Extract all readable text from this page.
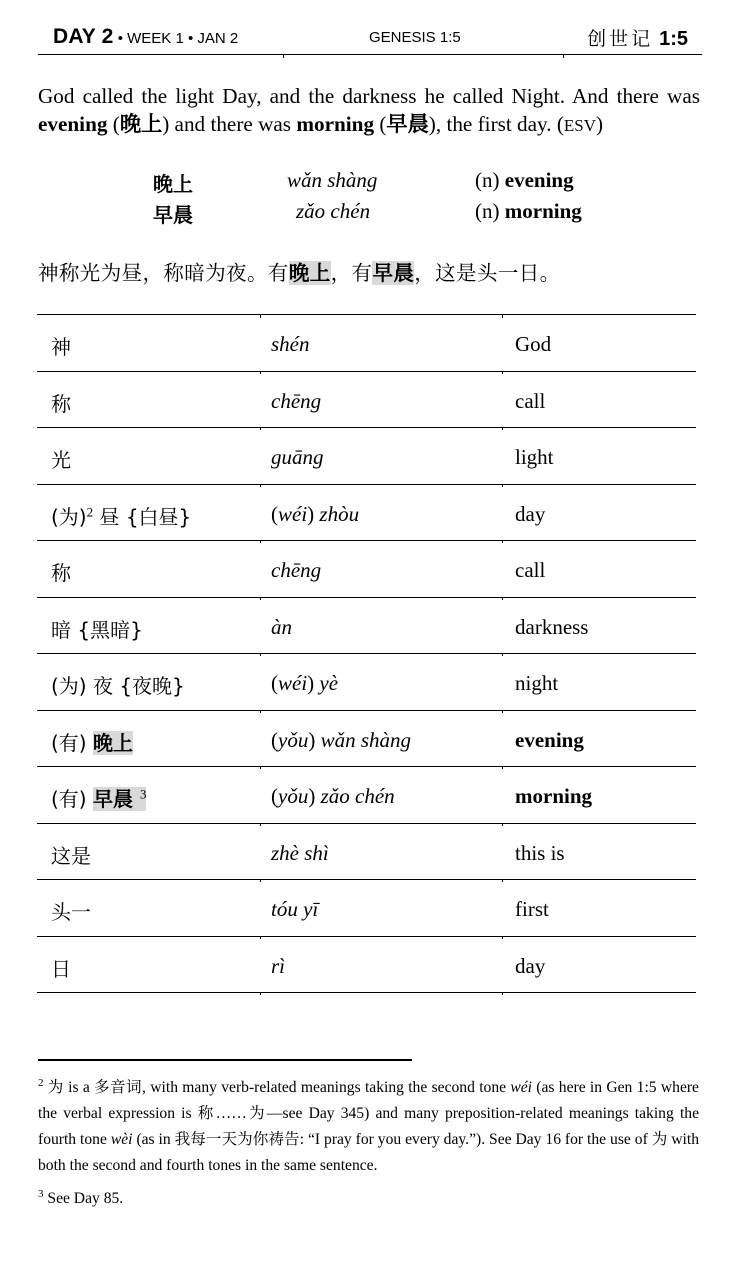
DAY 2 • WEEK 1 • JAN 2	GENESIS 1:5	创世记 1:5
God called the light Day, and the darkness he called Night. And there was evening (晚上) and there was morning (早晨), the first day. (ESV)
晚上	wǎn shàng	(n) evening
早晨	zǎo chén	(n) morning
神称光为昼，称暗为夜。有晚上，有早晨，这是头一日。
神	shén	God
称	chēng	call
光	guāng	light
(为)$^2$ 昼 {白昼}	(wéi) zhòu	day
称	chēng	call
暗 {黑暗}	àn	darkness
(为) 夜 {夜晚}	(wéi) yè	night
(有) 晚上	(yǒu) wǎn shàng	evening
(有) 早晨 $^3$	(yǒu) zǎo chén	morning
这是	zhè shì	this is
头一	tóu yī	first
日	rì	day

$^2$ 为 is a 多音词, with many verb-related meanings taking the second tone wéi (as here in Gen 1:5 where the verbal expression is 称……为—see Day 345) and many preposition-related meanings taking the fourth tone wèi (as in 我每一天为你祷告: “I pray for you every day.”). See Day 16 for the use of 为 with both the second and fourth tones in the same sentence.

$^3$ See Day 85.
